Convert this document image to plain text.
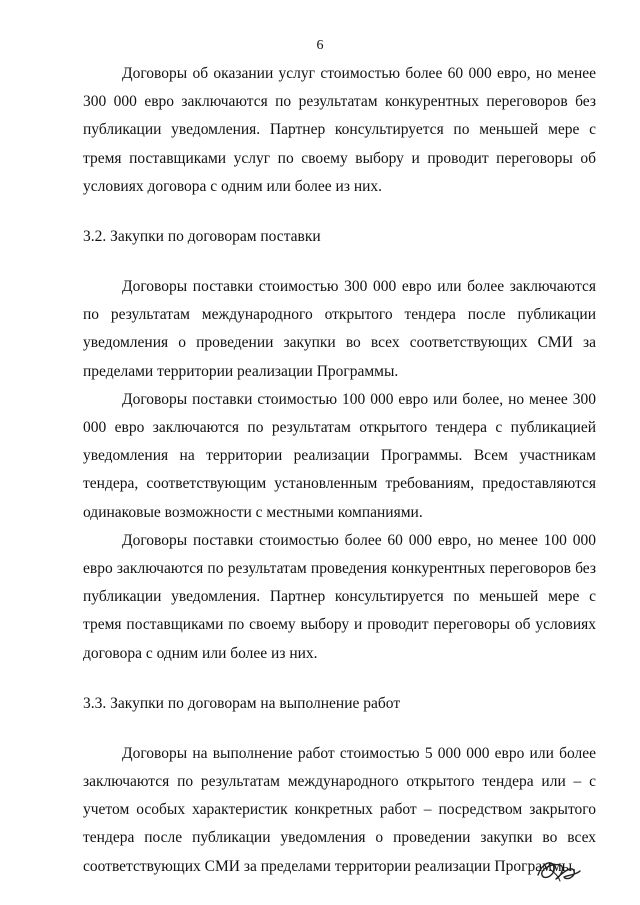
6

Договоры об оказании услуг стоимостью более 60 000 евро, но менее 300 000 евро заключаются по результатам конкурентных переговоров без публикации уведомления. Партнер консультируется по меньшей мере с тремя поставщиками услуг по своему выбору и проводит переговоры об условиях договора с одним или более из них.

3.2. Закупки по договорам поставки

Договоры поставки стоимостью 300 000 евро или более заключаются по результатам международного открытого тендера после публикации уведомления о проведении закупки во всех соответствующих СМИ за пределами территории реализации Программы.

Договоры поставки стоимостью 100 000 евро или более, но менее 300 000 евро заключаются по результатам открытого тендера с публикацией уведомления на территории реализации Программы. Всем участникам тендера, соответствующим установленным требованиям, предоставляются одинаковые возможности с местными компаниями.

Договоры поставки стоимостью более 60 000 евро, но менее 100 000 евро заключаются по результатам проведения конкурентных переговоров без публикации уведомления. Партнер консультируется по меньшей мере с тремя поставщиками по своему выбору и проводит переговоры об условиях договора с одним или более из них.

3.3. Закупки по договорам на выполнение работ

Договоры на выполнение работ стоимостью 5 000 000 евро или более заключаются по результатам международного открытого тендера или – с учетом особых характеристик конкретных работ – посредством закрытого тендера после публикации уведомления о проведении закупки во всех соответствующих СМИ за пределами территории реализации Программы.
